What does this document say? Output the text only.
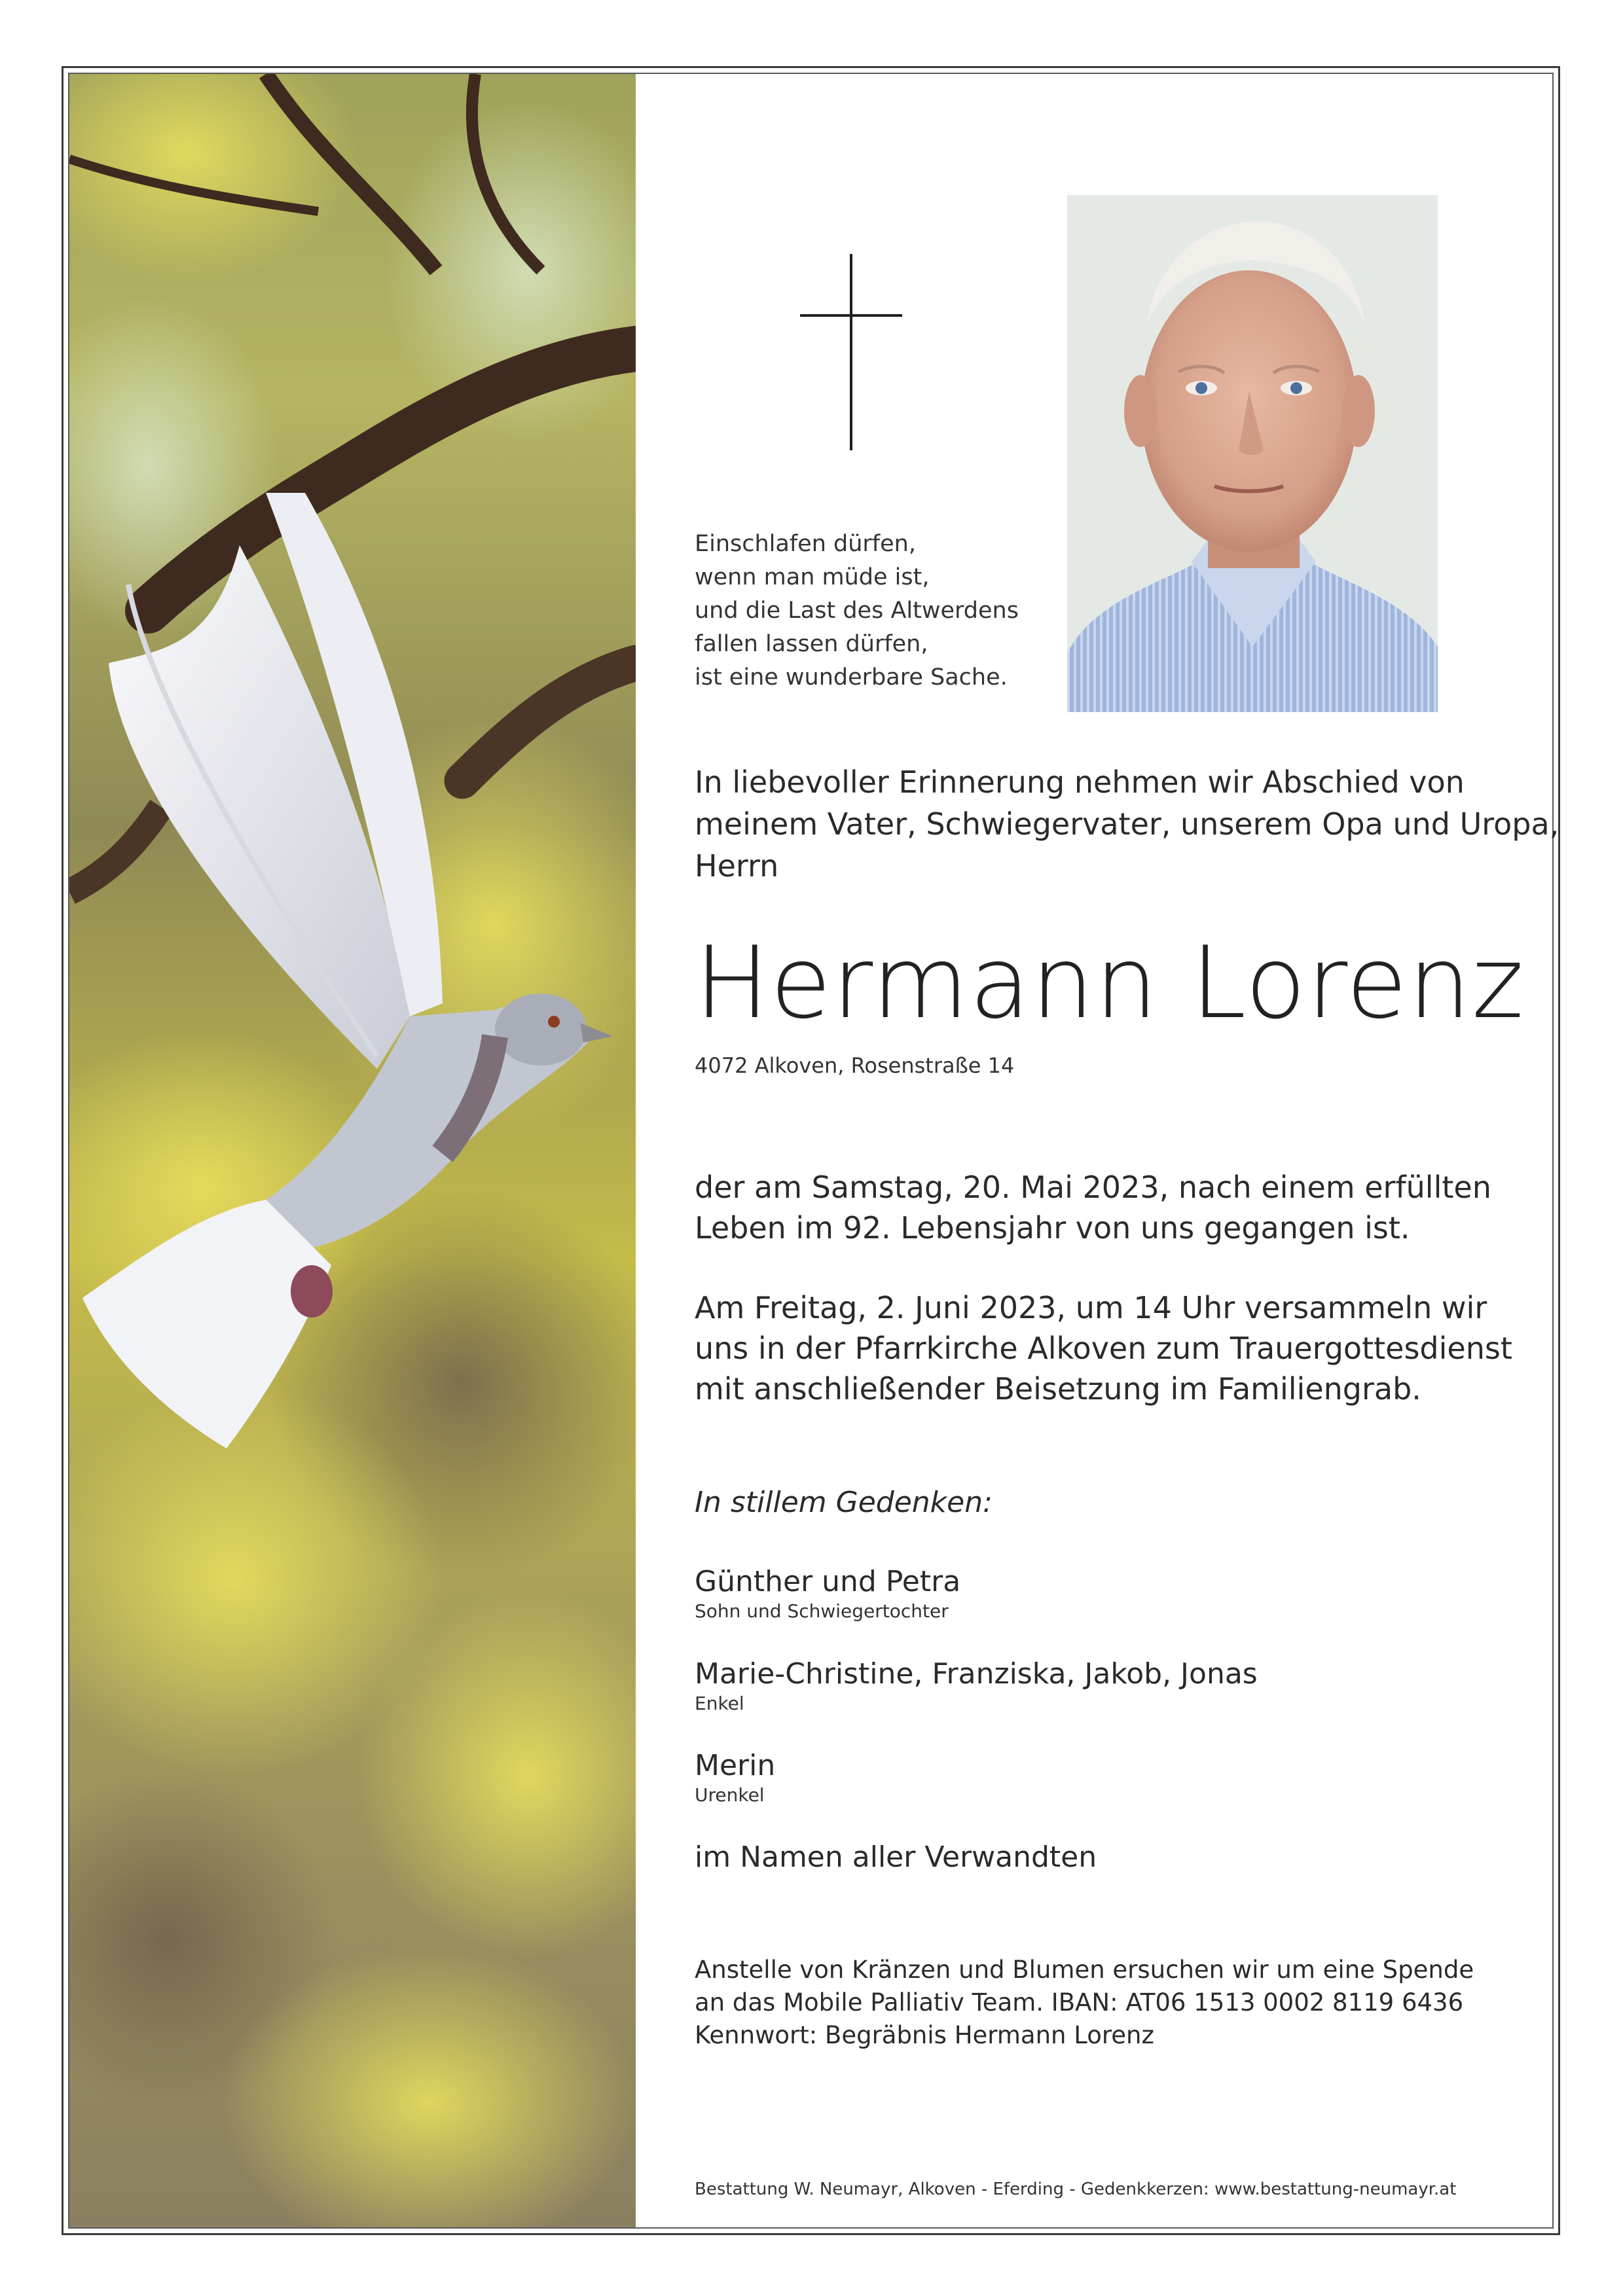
Einschlafen dürfen,
wenn man müde ist,
und die Last des Altwerdens
fallen lassen dürfen,
ist eine wunderbare Sache.
In liebevoller Erinnerung nehmen wir Abschied von
meinem Vater, Schwiegervater, unserem Opa und Uropa,
Herrn
Hermann Lorenz
4072 Alkoven, Rosenstraße 14
der am Samstag, 20. Mai 2023, nach einem erfüllten
Leben im 92. Lebensjahr von uns gegangen ist.
Am Freitag, 2. Juni 2023, um 14 Uhr versammeln wir
uns in der Pfarrkirche Alkoven zum Trauergottesdienst
mit anschließender Beisetzung im Familiengrab.
In stillem Gedenken:
Günther und Petra
Sohn und Schwiegertochter
Marie-Christine, Franziska, Jakob, Jonas
Enkel
Merin
Urenkel
im Namen aller Verwandten
Anstelle von Kränzen und Blumen ersuchen wir um eine Spende
an das Mobile Palliativ Team. IBAN: AT06 1513 0002 8119 6436
Kennwort: Begräbnis Hermann Lorenz
Bestattung W. Neumayr, Alkoven - Eferding - Gedenkkerzen: www.bestattung-neumayr.at
